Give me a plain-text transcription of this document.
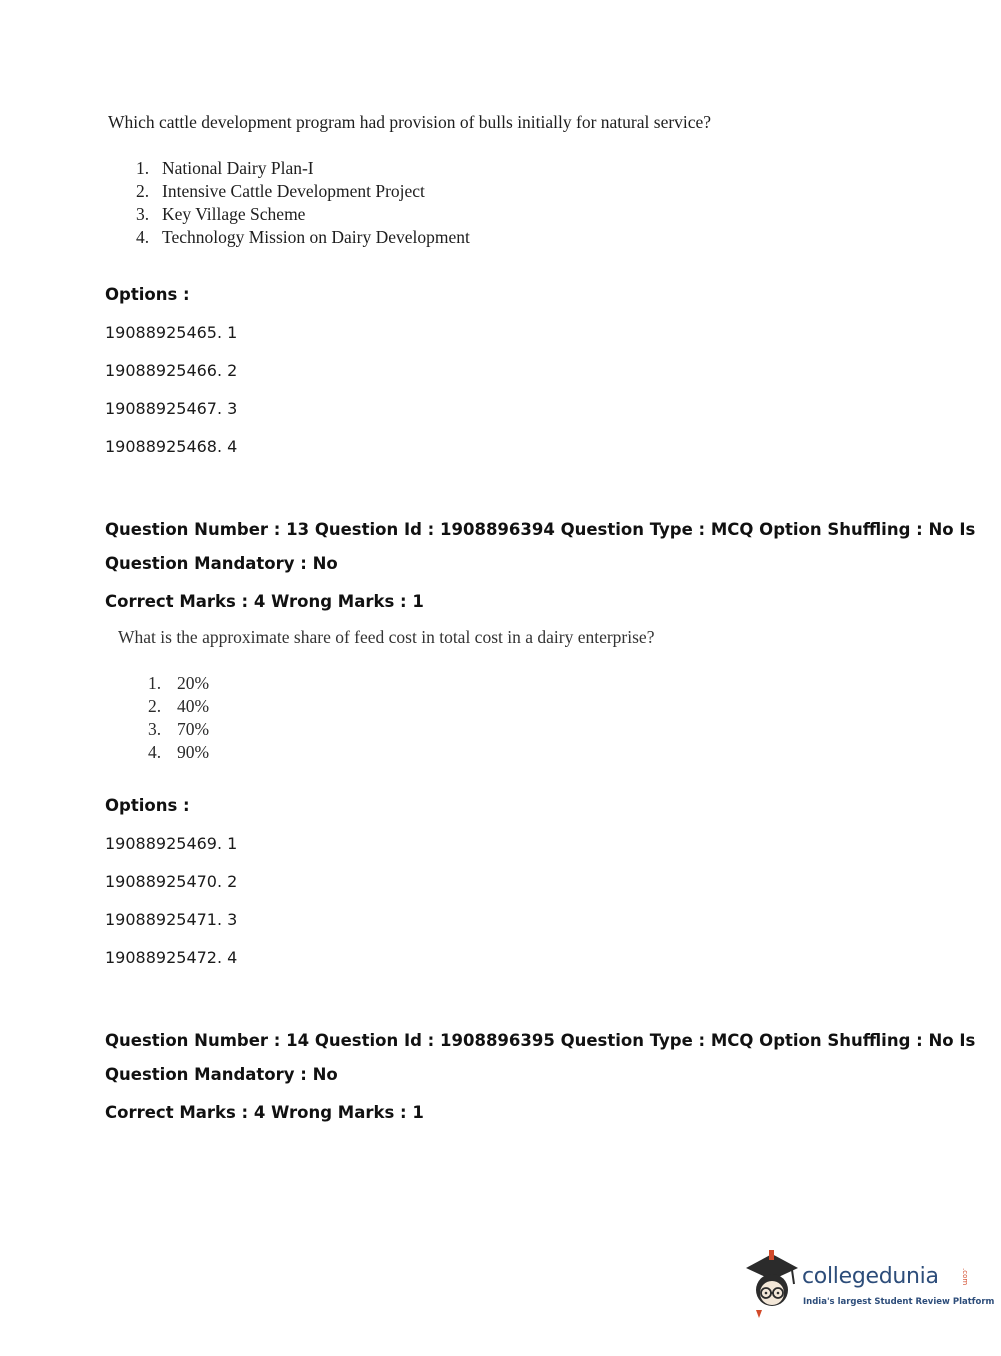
Which cattle development program had provision of bulls initially for natural service?
1. National Dairy Plan-I
2. Intensive Cattle Development Project
3. Key Village Scheme
4. Technology Mission on Dairy Development
Options :
19088925465. 1
19088925466. 2
19088925467. 3
19088925468. 4
Question Number : 13 Question Id : 1908896394 Question Type : MCQ Option Shuffling : No Is
Question Mandatory : No
Correct Marks : 4 Wrong Marks : 1
What is the approximate share of feed cost in total cost in a dairy enterprise?
1. 20%
2. 40%
3. 70%
4. 90%
Options :
19088925469. 1
19088925470. 2
19088925471. 3
19088925472. 4
Question Number : 14 Question Id : 1908896395 Question Type : MCQ Option Shuffling : No Is
Question Mandatory : No
Correct Marks : 4 Wrong Marks : 1
collegedunia	.com
India's largest Student Review Platform
